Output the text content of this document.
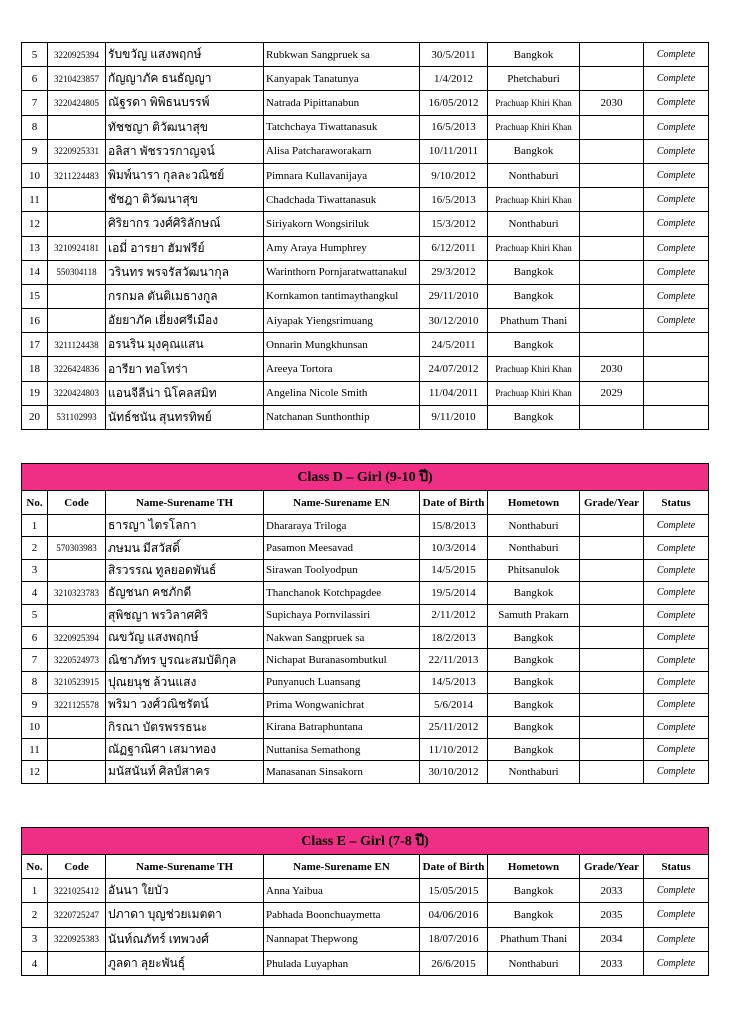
5	3220925394	รับขวัญ แสงพฤกษ์	Rubkwan Sangpruek sa	30/5/2011	Bangkok		Complete
6	3210423857	กัญญาภัค ธนธัญญา	Kanyapak Tanatunya	1/4/2012	Phetchaburi		Complete
7	3220424805	ณัฐรดา พิพิธนบรรพ์	Natrada Pipittanabun	16/05/2012	Prachuap Khiri Khan	2030	Complete
8		ทัชชญา ติวัฒนาสุข	Tatchchaya Tiwattanasuk	16/5/2013	Prachuap Khiri Khan		Complete
9	3220925331	อลิสา พัชรวรกาญจน์	Alisa Patcharaworakarn	10/11/2011	Bangkok		Complete
10	3211224483	พิมพ์นารา กุลละวณิชย์	Pimnara Kullavanijaya	9/10/2012	Nonthaburi		Complete
11		ชัชฎา ติวัฒนาสุข	Chadchada Tiwattanasuk	16/5/2013	Prachuap Khiri Khan		Complete
12		ศิริยากร วงศ์ศิริลักษณ์	Siriyakorn Wongsiriluk	15/3/2012	Nonthaburi		Complete
13	3210924181	เอมี่ อารยา ฮัมฟรีย์	Amy Araya Humphrey	6/12/2011	Prachuap Khiri Khan		Complete
14	550304118	วรินทร พรจรัสวัฒนากุล	Warinthorn Pornjaratwattanakul	29/3/2012	Bangkok		Complete
15		กรกมล ตันติเมธางกูล	Kornkamon tantimaythangkul	29/11/2010	Bangkok		Complete
16		อัยยาภัค เยี่ยงศรีเมือง	Aiyapak Yiengsrimuang	30/12/2010	Phathum Thani		Complete
17	3211124438	อรนริน มุงคุณแสน	Onnarin Mungkhunsan	24/5/2011	Bangkok		
18	3226424836	อารียา ทอโทร่า	Areeya Tortora	24/07/2012	Prachuap Khiri Khan	2030	
19	3220424803	แอนจีลีน่า นิโคลสมิท	Angelina Nicole Smith	11/04/2011	Prachuap Khiri Khan	2029	
20	531102993	นัทธ์ชนัน สุนทรทิพย์	Natchanan Sunthonthip	9/11/2010	Bangkok		
Class D – Girl (9-10 ปี)							
No.	Code	Name-Surename TH	Name-Surename EN	Date of Birth	Hometown	Grade/Year	Status
1		ธารญา ไตรโลกา	Dhararaya Triloga	15/8/2013	Nonthaburi		Complete
2	570303983	ภษมน มีสวัสดิ์	Pasamon Meesavad	10/3/2014	Nonthaburi		Complete
3		สิรวรรณ ทูลยอดพันธ์	Sirawan Toolyodpun	14/5/2015	Phitsanulok		Complete
4	3210323783	ธัญชนก คชภักดี	Thanchanok Kotchpagdee	19/5/2014	Bangkok		Complete
5		สุพิชญา พรวิลาศศิริ	Supichaya Pornvilassiri	2/11/2012	Samuth Prakarn		Complete
6	3220925394	ณขวัญ แสงพฤกษ์	Nakwan Sangpruek sa	18/2/2013	Bangkok		Complete
7	3220524973	ณิชาภัทร บูรณะสมบัติกุล	Nichapat Buranasombutkul	22/11/2013	Bangkok		Complete
8	3210523915	ปุณยนุช ล้วนแสง	Punyanuch Luansang	14/5/2013	Bangkok		Complete
9	3221125578	พริมา วงศ์วณิชรัตน์	Prima Wongwanichrat	5/6/2014	Bangkok		Complete
10		กิรณา บัตรพรรธนะ	Kirana Batraphuntana	25/11/2012	Bangkok		Complete
11		ณัฏฐาณิศา เสมาทอง	Nuttanisa Semathong	11/10/2012	Bangkok		Complete
12		มนัสนันท์ ศิลป์สาคร	Manasanan Sinsakorn	30/10/2012	Nonthaburi		Complete
Class E – Girl (7-8 ปี)							
No.	Code	Name-Surename TH	Name-Surename EN	Date of Birth	Hometown	Grade/Year	Status
1	3221025412	อันนา ใยบัว	Anna Yaibua	15/05/2015	Bangkok	2033	Complete
2	3220725247	ปภาดา บุญช่วยเมตตา	Pabhada Boonchuaymetta	04/06/2016	Bangkok	2035	Complete
3	3220925383	นันท์ณภัทร์ เทพวงศ์	Nannapat Thepwong	18/07/2016	Phathum Thani	2034	Complete
4		ภูลดา ลุยะพันธุ์	Phulada Luyaphan	26/6/2015	Nonthaburi	2033	Complete
